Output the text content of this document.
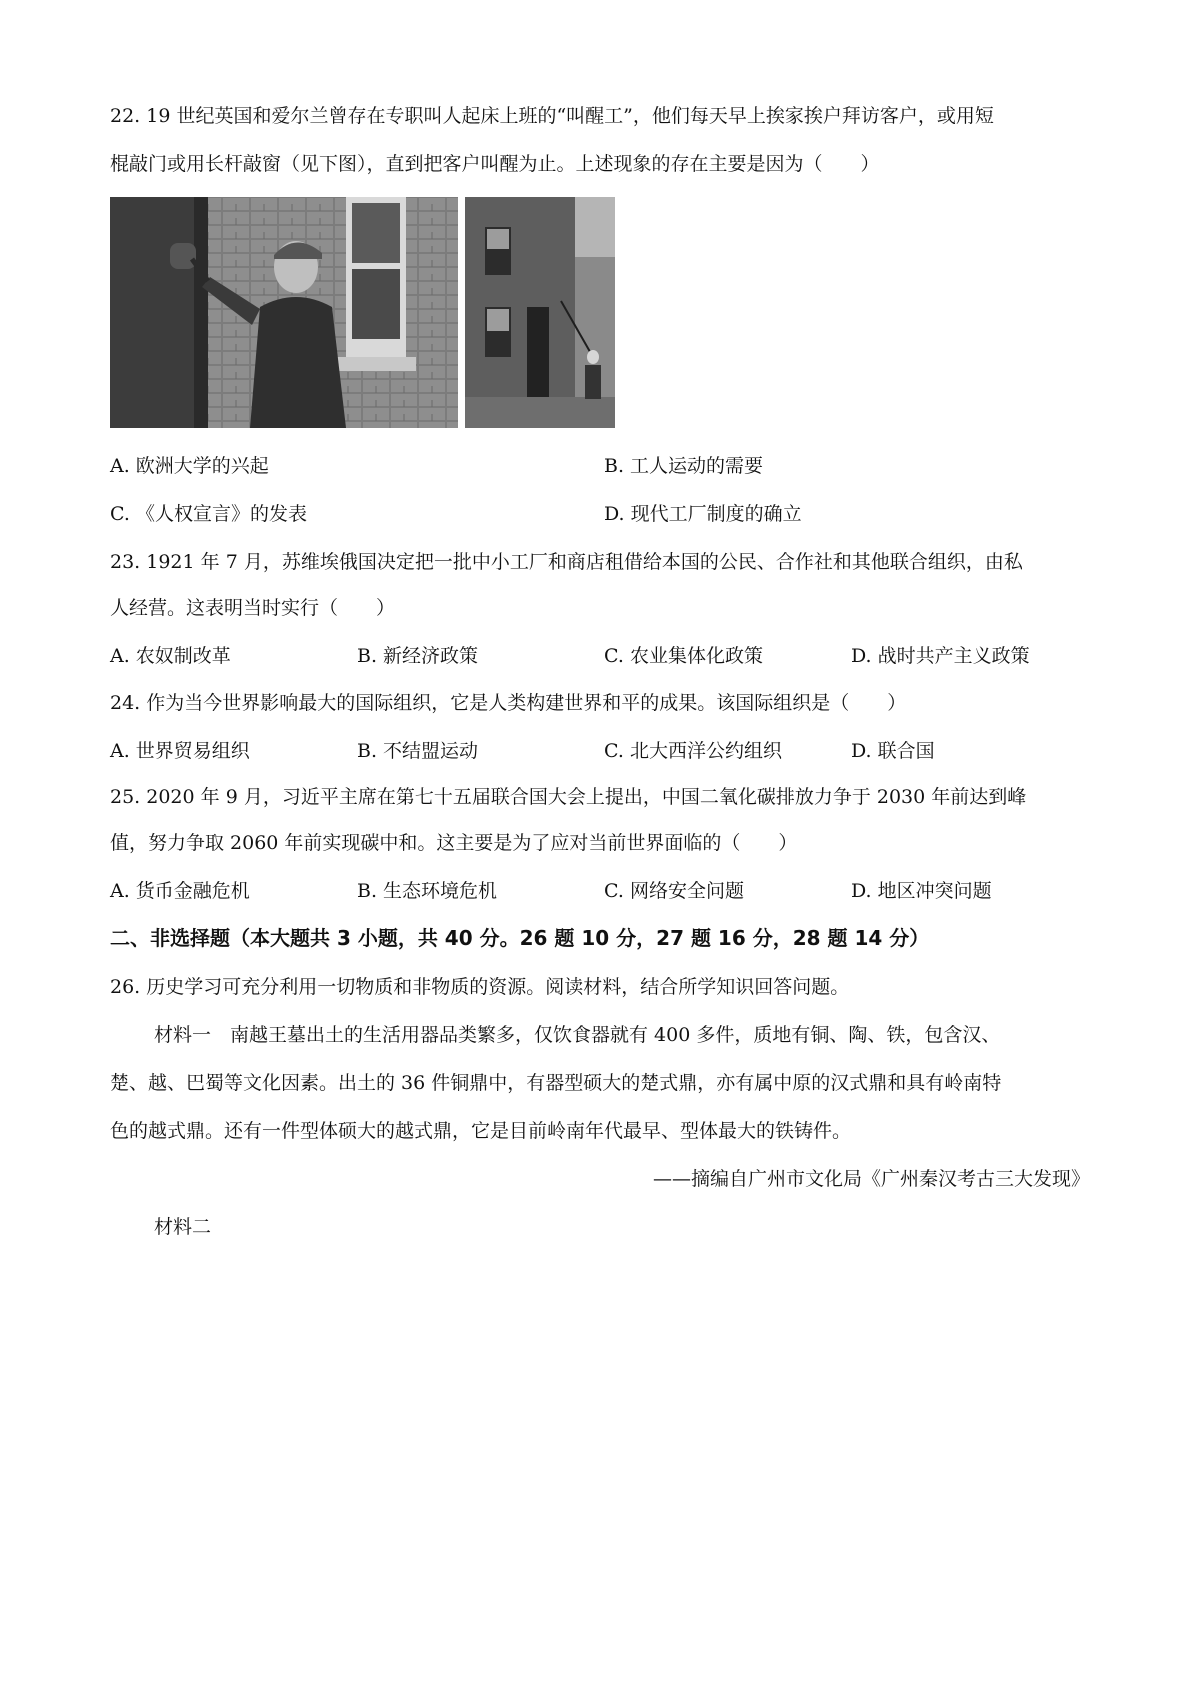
22. 19 世纪英国和爱尔兰曾存在专职叫人起床上班的“叫醒工”，他们每天早上挨家挨户拜访客户，或用短
棍敲门或用长杆敲窗（见下图），直到把客户叫醒为止。上述现象的存在主要是因为（　　）
A. 欧洲大学的兴起	B. 工人运动的需要
C. 《人权宣言》的发表	D. 现代工厂制度的确立
23. 1921 年 7 月，苏维埃俄国决定把一批中小工厂和商店租借给本国的公民、合作社和其他联合组织，由私
人经营。这表明当时实行（　　）
A. 农奴制改革	B. 新经济政策	C. 农业集体化政策	D. 战时共产主义政策
24. 作为当今世界影响最大的国际组织，它是人类构建世界和平的成果。该国际组织是（　　）
A. 世界贸易组织	B. 不结盟运动	C. 北大西洋公约组织	D. 联合国
25. 2020 年 9 月，习近平主席在第七十五届联合国大会上提出，中国二氧化碳排放力争于 2030 年前达到峰
值，努力争取 2060 年前实现碳中和。这主要是为了应对当前世界面临的（　　）
A. 货币金融危机	B. 生态环境危机	C. 网络安全问题	D. 地区冲突问题
二、非选择题（本大题共 3 小题，共 40 分。26 题 10 分，27 题 16 分，28 题 14 分）
26. 历史学习可充分利用一切物质和非物质的资源。阅读材料，结合所学知识回答问题。
材料一　南越王墓出土的生活用器品类繁多，仅饮食器就有 400 多件，质地有铜、陶、铁，包含汉、
楚、越、巴蜀等文化因素。出土的 36 件铜鼎中，有器型硕大的楚式鼎，亦有属中原的汉式鼎和具有岭南特
色的越式鼎。还有一件型体硕大的越式鼎，它是目前岭南年代最早、型体最大的铁铸件。
——摘编自广州市文化局《广州秦汉考古三大发现》
材料二
